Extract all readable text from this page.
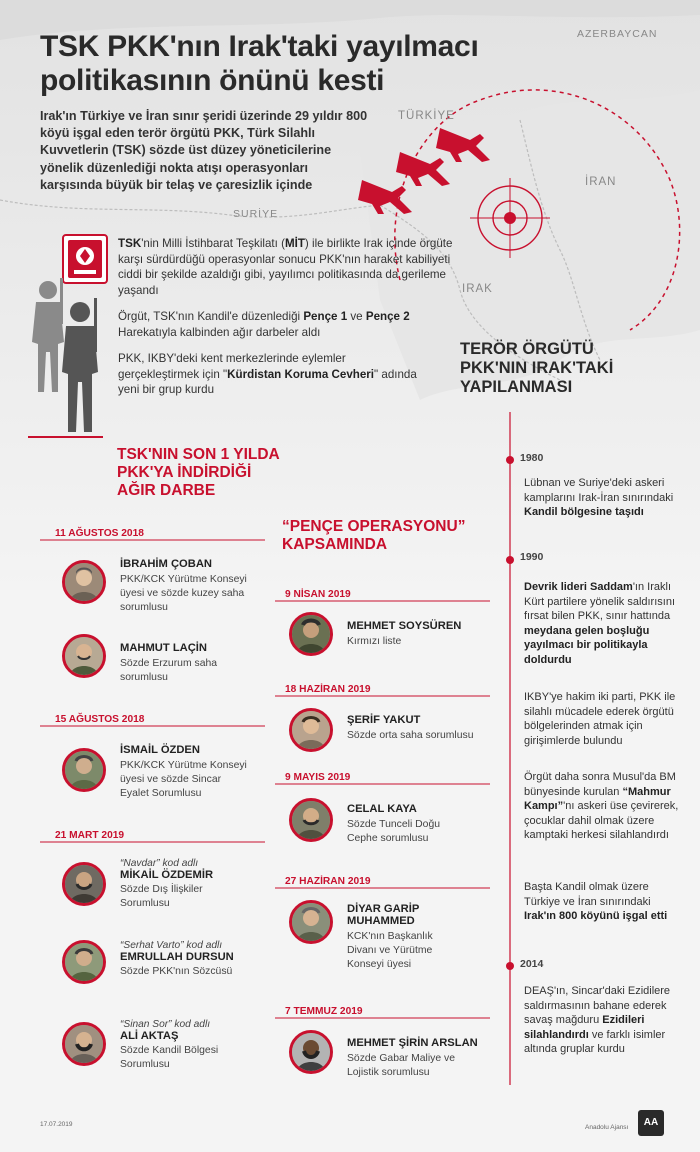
AZERBAYCAN
TÜRKİYE
İRAN
SURİYE
IRAK
TSK PKK'nın Irak'taki yayılmacı
politikasının önünü kesti
Irak'ın Türkiye ve İran sınır şeridi üzerinde 29 yıldır 800 köyü işgal eden terör örgütü PKK, Türk Silahlı Kuvvetlerin (TSK) sözde üst düzey yöneticilerine yönelik düzenlediği nokta atışı operasyonları karşısında büyük bir telaş ve çaresizlik içinde
TSK'nin Milli İstihbarat Teşkilatı (MİT) ile birlikte Irak içinde örgüte karşı sürdürdüğü operasyonlar sonucu PKK'nın haraket kabiliyeti ciddi bir şekilde azaldığı gibi, yayılımcı politikasında da gerileme yaşandı
Örgüt, TSK'nın Kandil'e düzenlediği Pençe 1 ve Pençe 2 Harekatıyla kalbinden ağır darbeler aldı
PKK, IKBY'deki kent merkezlerinde eylemler gerçekleştirmek için "Kürdistan Koruma Cevheri" adında yeni bir grup kurdu
TERÖR ÖRGÜTÜ
PKK'NIN IRAK'TAKİ
YAPILANMASI
TSK'NIN SON 1 YILDA
PKK'YA İNDİRDİĞİ
AĞIR DARBE
“PENÇE OPERASYONU”
KAPSAMINDA
11 AĞUSTOS 2018
15 AĞUSTOS 2018
21 MART 2019
İBRAHİM ÇOBAN
PKK/KCK Yürütme Konseyi
üyesi ve sözde kuzey saha
sorumlusu
MAHMUT LAÇİN
Sözde Erzurum saha
sorumlusu
İSMAİL ÖZDEN
PKK/KCK Yürütme Konseyi
üyesi ve sözde Sincar
Eyalet Sorumlusu
“Navdar” kod adlı
MİKAİL ÖZDEMİR
Sözde Dış İlişkiler
Sorumlusu
“Serhat Varto” kod adlı
EMRULLAH DURSUN
Sözde PKK'nın Sözcüsü
“Sinan Sor” kod adlı
ALİ AKTAŞ
Sözde Kandil Bölgesi
Sorumlusu
9 NİSAN 2019
MEHMET SOYSÜREN
Kırmızı liste
18 HAZİRAN 2019
ŞERİF YAKUT
Sözde orta saha sorumlusu
9 MAYIS 2019
CELAL KAYA
Sözde Tunceli Doğu
Cephe sorumlusu
27 HAZİRAN 2019
DİYAR GARİP
MUHAMMED
KCK'nın Başkanlık
Divanı ve Yürütme
Konseyi üyesi
7 TEMMUZ 2019
MEHMET ŞİRİN ARSLAN
Sözde Gabar Maliye ve
Lojistik sorumlusu
1980
Lübnan ve Suriye'deki askeri kamplarını Irak-İran sınırındaki Kandil bölgesine taşıdı
1990
Devrik lideri Saddam'ın Iraklı Kürt partilere yönelik saldırısını fırsat bilen PKK, sınır hattında meydana gelen boşluğu yayılmacı bir politikayla doldurdu
IKBY'ye hakim iki parti, PKK ile silahlı mücadele ederek örgütü bölgelerinden atmak için girişimlerde bulundu
Örgüt daha sonra Musul'da BM bünyesinde kurulan “Mahmur Kampı”'nı askeri üse çevirerek, çocuklar dahil olmak üzere kamptaki herkesi silahlandırdı
Başta Kandil olmak üzere Türkiye ve İran sınırındaki Irak'ın 800 köyünü işgal etti
2014
DEAŞ'ın, Sincar'daki Ezidilere saldırmasının bahane ederek savaş mağduru Ezidileri silahlandırdı ve farklı isimler altında gruplar kurdu
17.07.2019	Anadolu Ajansı	AA
